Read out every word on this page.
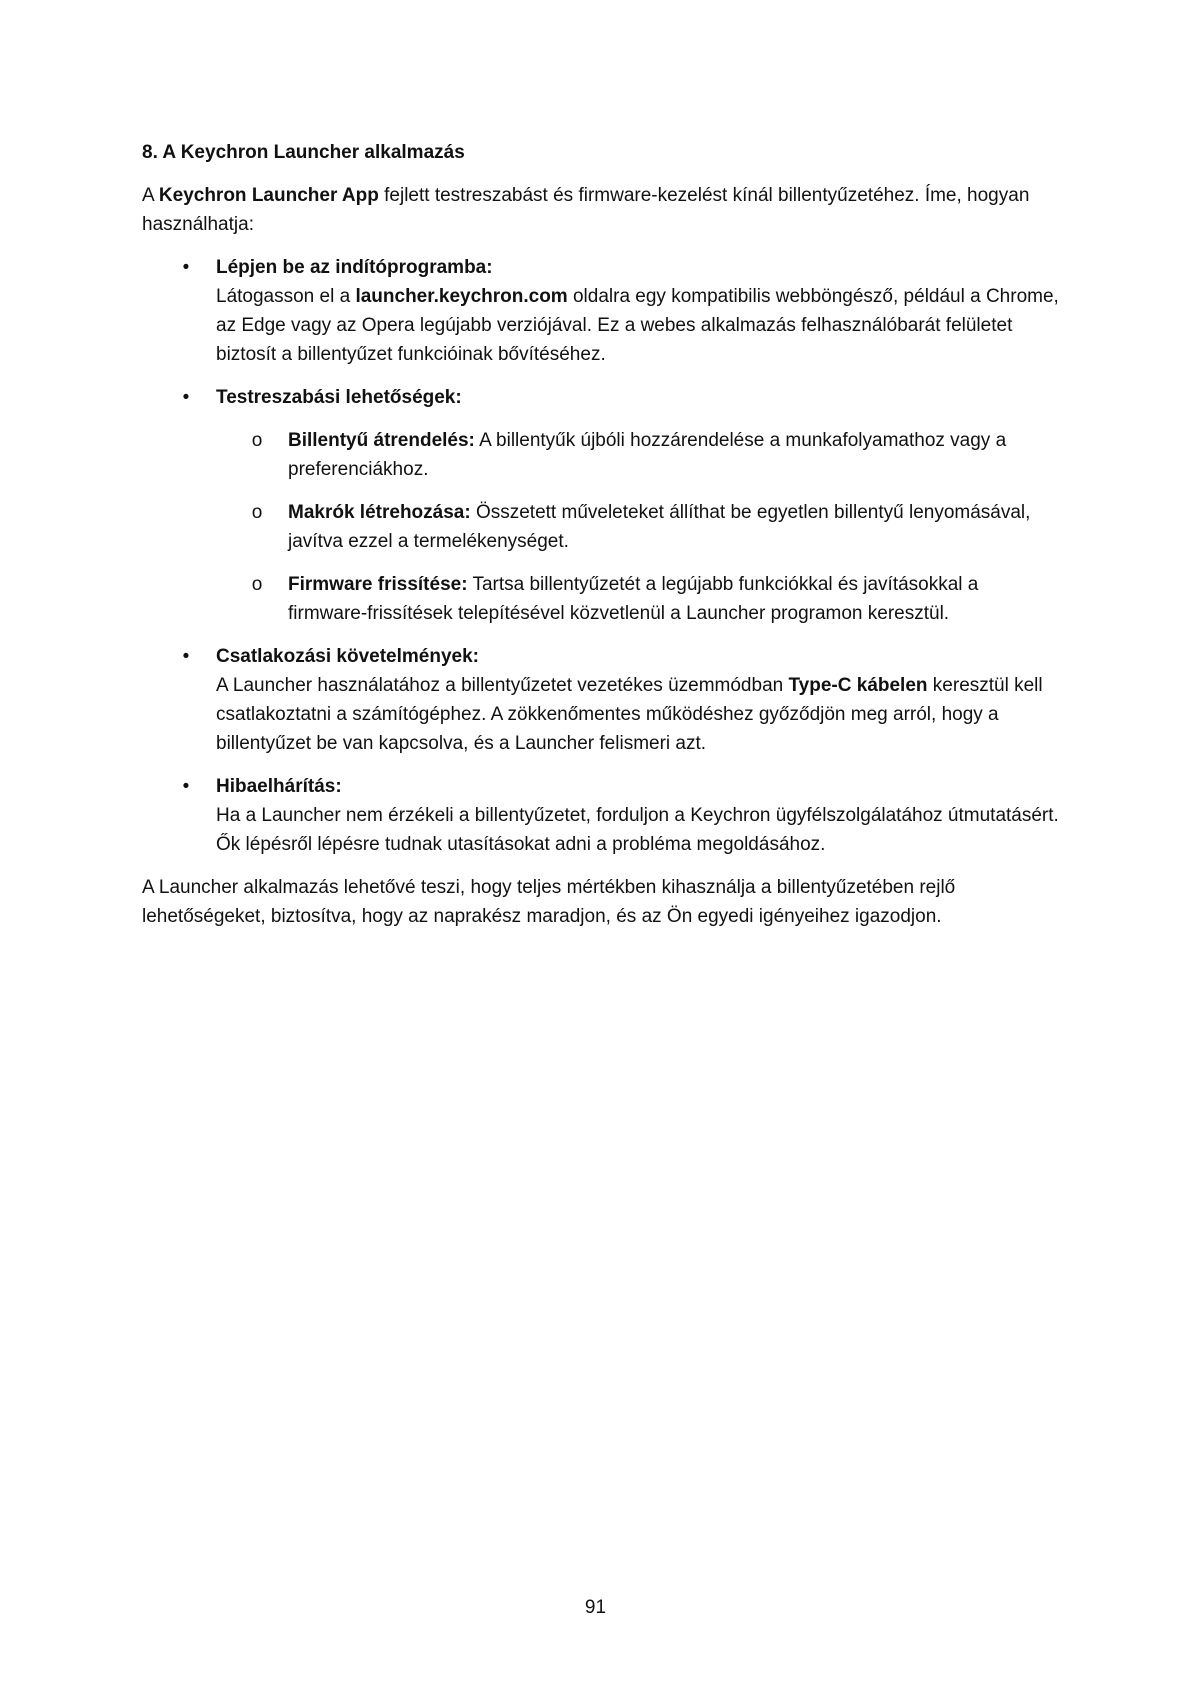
8. A Keychron Launcher alkalmazás

A Keychron Launcher App fejlett testreszabást és firmware-kezelést kínál billentyűzetéhez. Íme, hogyan használhatja:

• Lépjen be az indítóprogramba:
Látogasson el a launcher.keychron.com oldalra egy kompatibilis webböngésző, például a Chrome, az Edge vagy az Opera legújabb verziójával. Ez a webes alkalmazás felhasználóbarát felületet biztosít a billentyűzet funkcióinak bővítéséhez.
• Testreszabási lehetőségek:
o Billentyű átrendelés: A billentyűk újbóli hozzárendelése a munkafolyamathoz vagy a preferenciákhoz.
o Makrók létrehozása: Összetett műveleteket állíthat be egyetlen billentyű lenyomásával, javítva ezzel a termelékenységet.
o Firmware frissítése: Tartsa billentyűzetét a legújabb funkciókkal és javításokkal a firmware-frissítések telepítésével közvetlenül a Launcher programon keresztül.
• Csatlakozási követelmények:
A Launcher használatához a billentyűzetet vezetékes üzemmódban Type-C kábelen keresztül kell csatlakoztatni a számítógéphez. A zökkenőmentes működéshez győződjön meg arról, hogy a billentyűzet be van kapcsolva, és a Launcher felismeri azt.
• Hibaelhárítás:
Ha a Launcher nem érzékeli a billentyűzetet, forduljon a Keychron ügyfélszolgálatához útmutatásért. Ők lépésről lépésre tudnak utasításokat adni a probléma megoldásához.

A Launcher alkalmazás lehetővé teszi, hogy teljes mértékben kihasználja a billentyűzetében rejlő lehetőségeket, biztosítva, hogy az naprakész maradjon, és az Ön egyedi igényeihez igazodjon.

91
